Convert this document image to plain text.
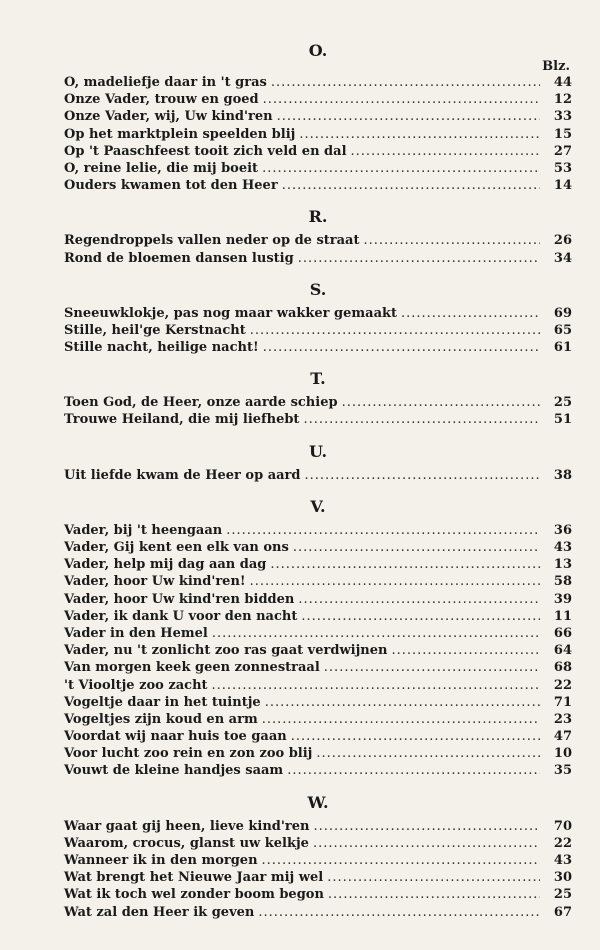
O.
Blz.
O, madeliefje daar in 't gras .....	44
Onze Vader, trouw en goed .....	12
Onze Vader, wij, Uw kind'ren .....	33
Op het marktplein speelden blij .....	15
Op 't Paaschfeest tooit zich veld en dal .....	27
O, reine lelie, die mij boeit .....	53
Ouders kwamen tot den Heer .....	14
R.
Regendroppels vallen neder op de straat .....	26
Rond de bloemen dansen lustig .....	34
S.
Sneeuwklokje, pas nog maar wakker gemaakt .....	69
Stille, heil'ge Kerstnacht .....	65
Stille nacht, heilige nacht! .....	61
T.
Toen God, de Heer, onze aarde schiep .....	25
Trouwe Heiland, die mij liefhebt .....	51
U.
Uit liefde kwam de Heer op aard .....	38
V.
Vader, bij 't heengaan .....	36
Vader, Gij kent een elk van ons .....	43
Vader, help mij dag aan dag .....	13
Vader, hoor Uw kind'ren! .....	58
Vader, hoor Uw kind'ren bidden .....	39
Vader, ik dank U voor den nacht .....	11
Vader in den Hemel .....	66
Vader, nu 't zonlicht zoo ras gaat verdwijnen .....	64
Van morgen keek geen zonnestraal .....	68
't Viooltje zoo zacht .....	22
Vogeltje daar in het tuintje .....	71
Vogeltjes zijn koud en arm .....	23
Voordat wij naar huis toe gaan .....	47
Voor lucht zoo rein en zon zoo blij .....	10
Vouwt de kleine handjes saam .....	35
W.
Waar gaat gij heen, lieve kind'ren .....	70
Waarom, crocus, glanst uw kelkje .....	22
Wanneer ik in den morgen .....	43
Wat brengt het Nieuwe Jaar mij wel .....	30
Wat ik toch wel zonder boom begon .....	25
Wat zal den Heer ik geven .....	67
